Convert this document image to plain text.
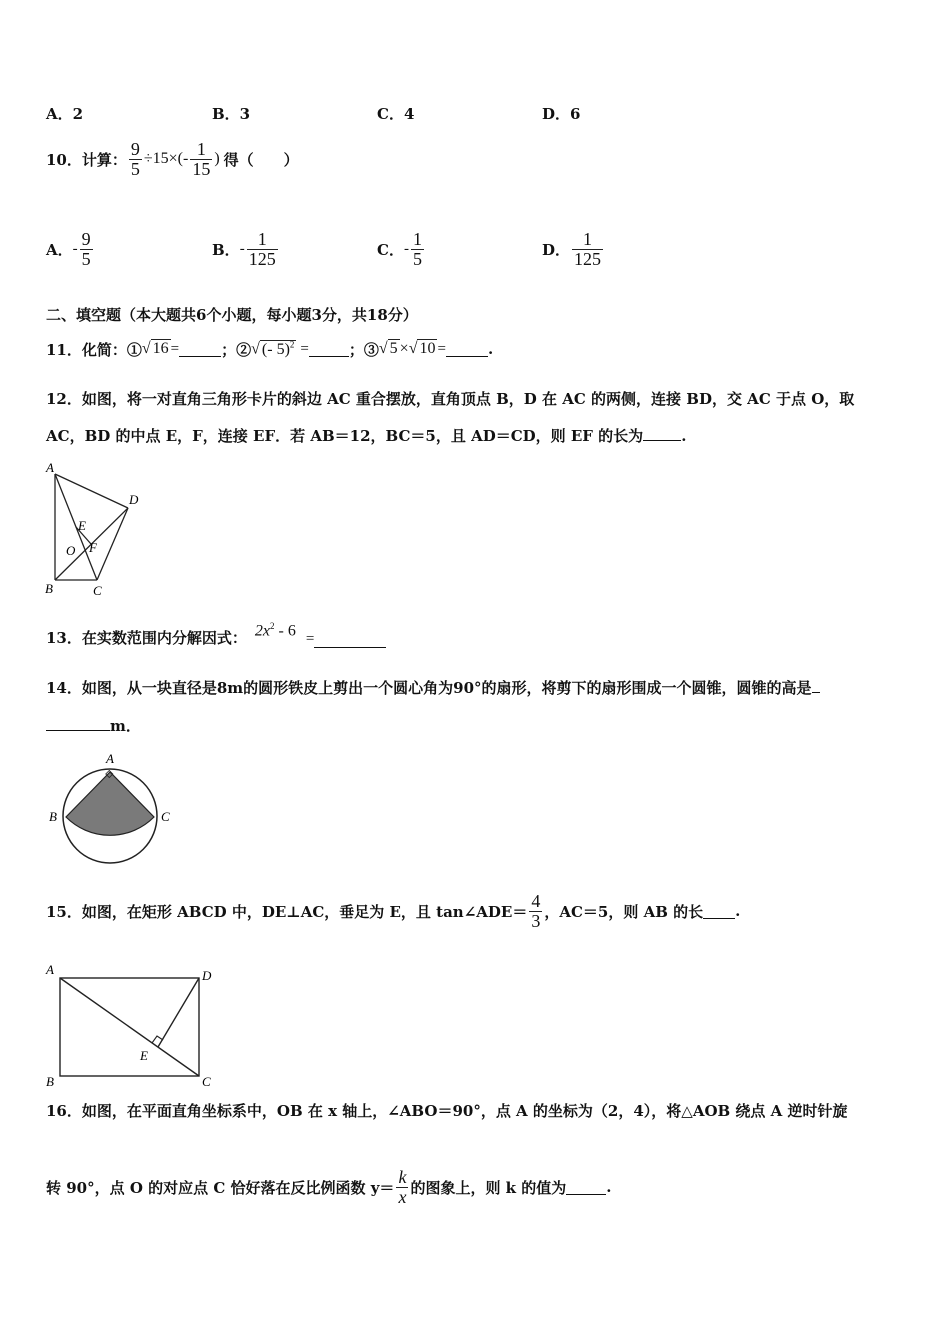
A．2	B．3	C．4	D．6
10．计算： $\frac{9}{5} \div 15\times(- \frac{1}{15}$ ) 得（　　）
A． - $\frac{9}{5}$	B． - $\frac{1}{125}$	C． - $\frac{1}{5}$	D． $\frac{1}{125}$
二、填空题（本大题共6个小题，每小题3分，共18分）
11．化简：① √ 16 =	；② √ (- 5)$^2$ =	；③ √ 5 ×√ 10 =	.
12．如图，将一对直角三角形卡片的斜边 AC 重合摆放，直角顶点 B，D 在 AC 的两侧，连接 BD，交 AC 于点 O，取
AC，BD 的中点 E，F，连接 EF．若 AB＝12，BC＝5，且 AD＝CD，则 EF 的长为	.
A
D
E
F
O
B	C
13．在实数范围内分解因式： $2x^2 - 6$ =
14．如图，从一块直径是8m的圆形铁皮上剪出一个圆心角为90°的扇形，将剪下的扇形围成一个圆锥，圆锥的高是
m．
A
B	C
15．如图，在矩形 ABCD 中，DE⊥AC，垂足为 E，且 tan∠ADE＝ $\frac{4}{3}$ ，AC＝5，则 AB 的长 .
A	D
E
B	C
16．如图，在平面直角坐标系中，OB 在 x 轴上，∠ABO＝90°，点 A 的坐标为（2，4），将△AOB 绕点 A 逆时针旋
转 90°，点 O 的对应点 C 恰好落在反比例函数 $y= \frac{k}{x}$ 的图象上，则 k 的值为	.
